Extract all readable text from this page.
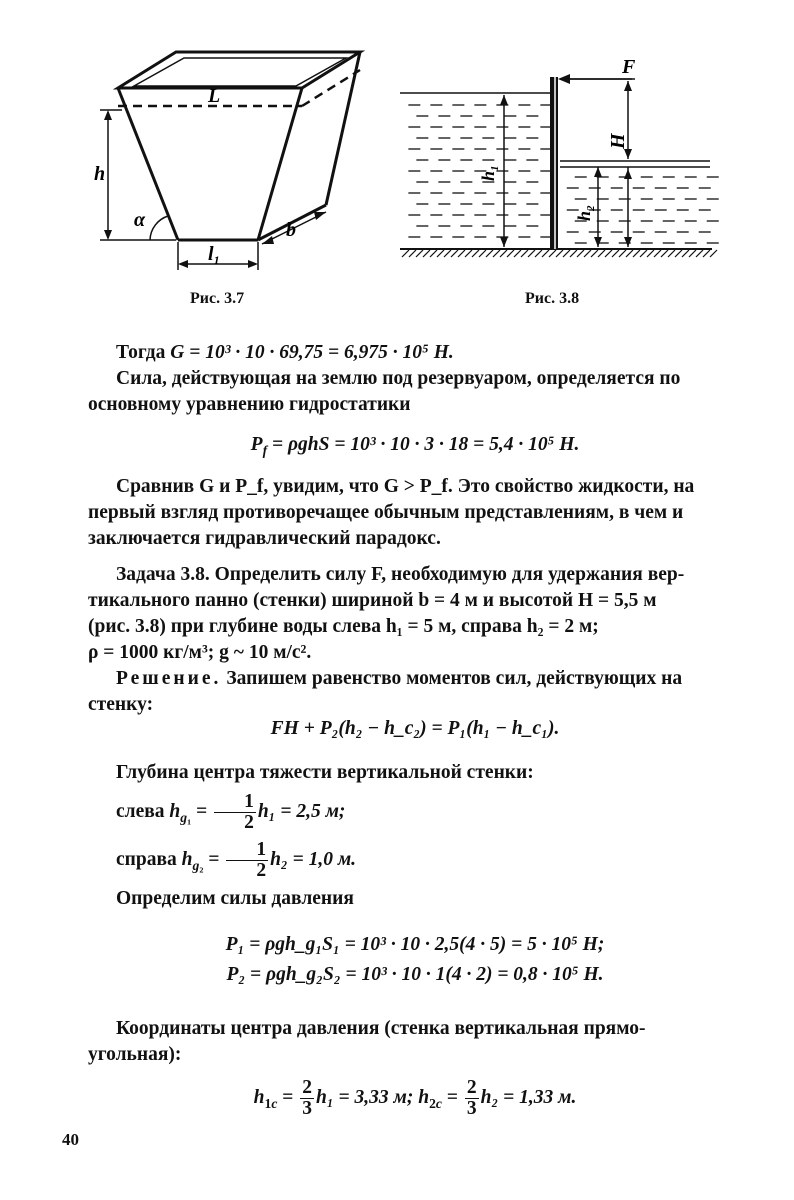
L
h
α
$l_1$
b
Рис. 3.7
F
H
$h_1$
$h_2$
Рис. 3.8
Тогда G = 10³ · 10 · 69,75 = 6,975 · 10⁵ Н.
Сила, действующая на землю под резервуаром, определяется по
основному уравнению гидростатики
$P_f = \rho ghS = 10^3 \cdot 10 \cdot 3 \cdot 18 = 5,4 \cdot 10^5$ Н.
Сравнив G и P_f, увидим, что G > P_f. Это свойство жидкости, на
первый взгляд противоречащее обычным представлениям, в чем и
заключается гидравлический парадокс.
Задача 3.8. Определить силу F, необходимую для удержания вер-
тикального панно (стенки) шириной b = 4 м и высотой H = 5,5 м
(рис. 3.8) при глубине воды слева h₁ = 5 м, справа h₂ = 2 м;
ρ = 1000 кг/м³; g ~ 10 м/с².
Решение. Запишем равенство моментов сил, действующих на
стенку:
FH + P₂(h₂ − h_c₂) = P₁(h₁ − h_c₁).
Глубина центра тяжести вертикальной стенки:
слева $h_{g_1} = \frac{1}{2} h_1 = 2,5$ м;
справа $h_{g_2} = \frac{1}{2} h_2 = 1,0$ м.
Определим силы давления
P₁ = ρgh_g₁S₁ = 10³ · 10 · 2,5(4 · 5) = 5 · 10⁵ Н;
P₂ = ρgh_g₂S₂ = 10³ · 10 · 1(4 · 2) = 0,8 · 10⁵ Н.
Координаты центра давления (стенка вертикальная прямо-
угольная):
$h_{1c} = \frac{2}{3} h_1 = 3,33$ м; $h_{2c} = \frac{2}{3} h_2 = 1,33$ м.
40
